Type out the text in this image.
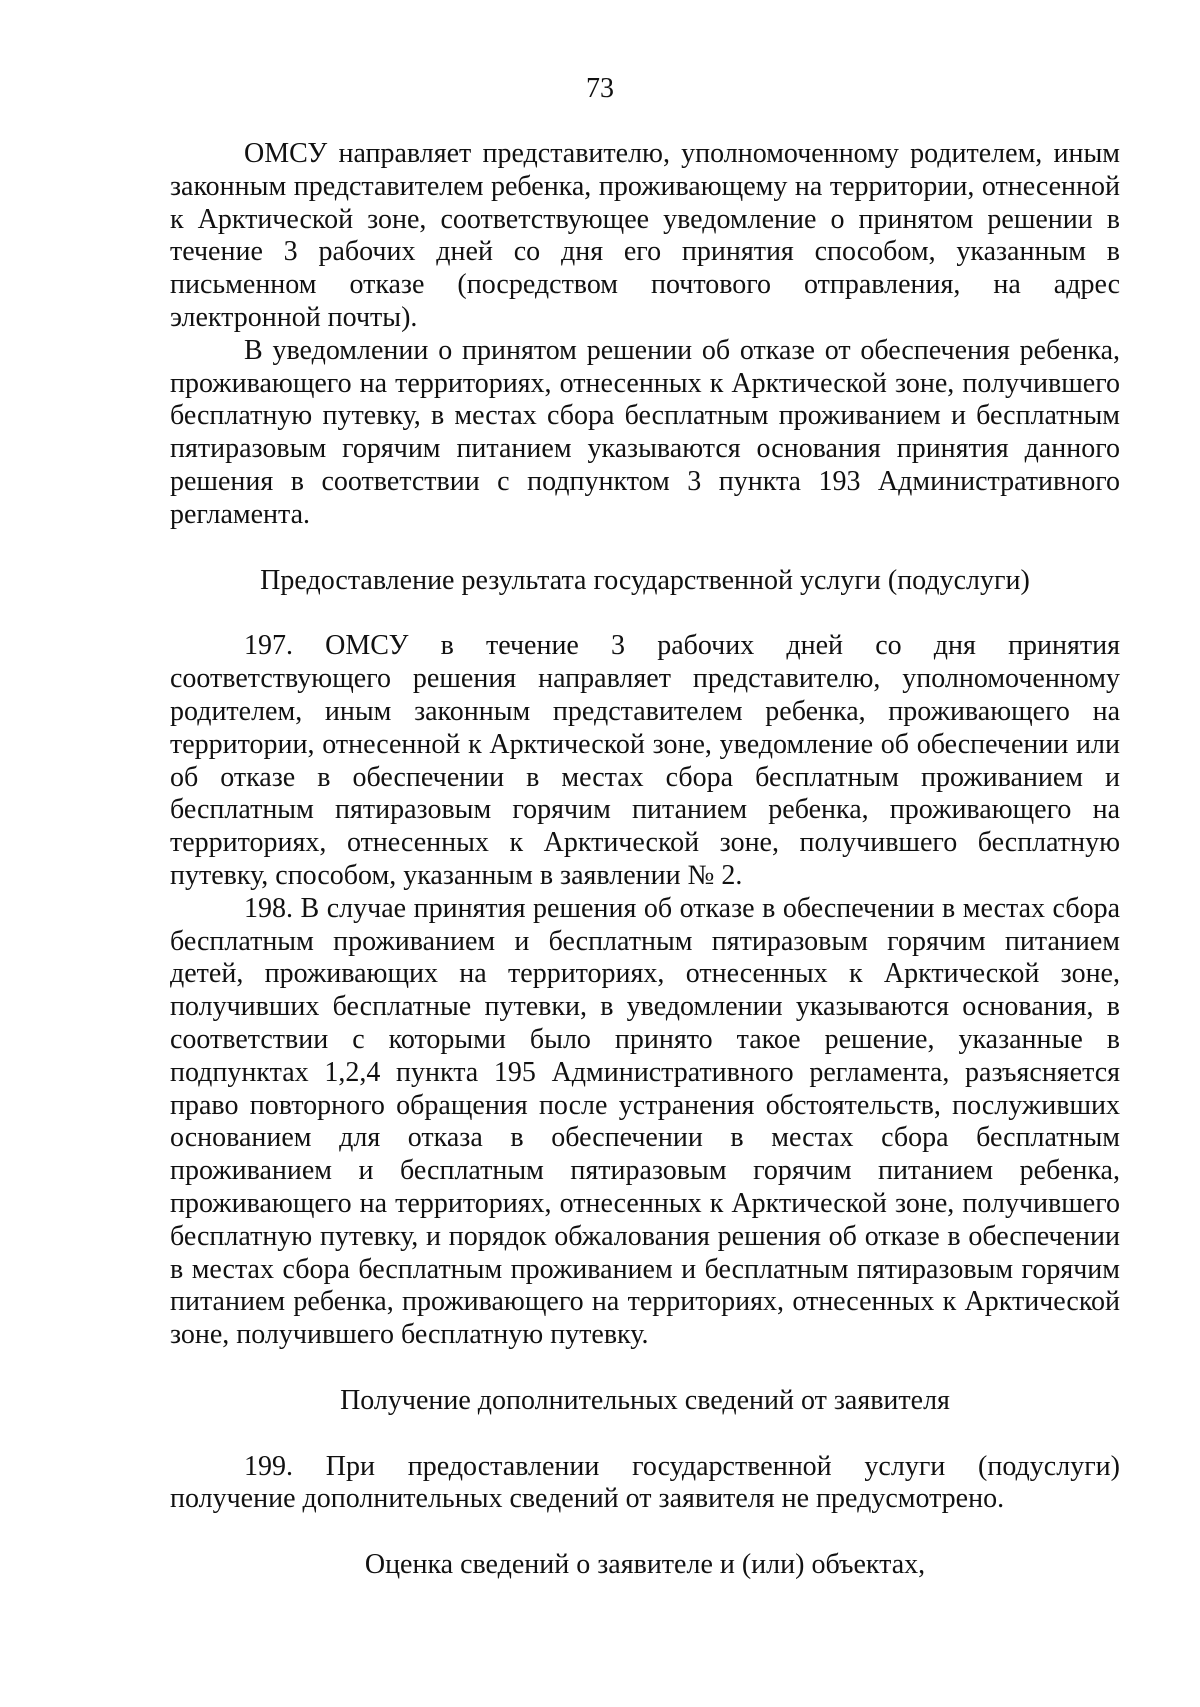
73

ОМСУ направляет представителю, уполномоченному родителем, иным законным представителем ребенка, проживающему на территории, отнесенной к Арктической зоне, соответствующее уведомление о принятом решении в течение 3 рабочих дней со дня его принятия способом, указанным в письменном отказе (посредством почтового отправления, на адрес электронной почты).

В уведомлении о принятом решении об отказе от обеспечения ребенка, проживающего на территориях, отнесенных к Арктической зоне, получившего бесплатную путевку, в местах сбора бесплатным проживанием и бесплатным пятиразовым горячим питанием указываются основания принятия данного решения в соответствии с подпунктом 3 пункта 193 Административного регламента.

Предоставление результата государственной услуги (подуслуги)

197. ОМСУ в течение 3 рабочих дней со дня принятия соответствующего решения направляет представителю, уполномоченному родителем, иным законным представителем ребенка, проживающего на территории, отнесенной к Арктической зоне, уведомление об обеспечении или об отказе в обеспечении в местах сбора бесплатным проживанием и бесплатным пятиразовым горячим питанием ребенка, проживающего на территориях, отнесенных к Арктической зоне, получившего бесплатную путевку, способом, указанным в заявлении № 2.

198. В случае принятия решения об отказе в обеспечении в местах сбора бесплатным проживанием и бесплатным пятиразовым горячим питанием детей, проживающих на территориях, отнесенных к Арктической зоне, получивших бесплатные путевки, в уведомлении указываются основания, в соответствии с которыми было принято такое решение, указанные в подпунктах 1,2,4 пункта 195 Административного регламента, разъясняется право повторного обращения после устранения обстоятельств, послуживших основанием для отказа в обеспечении в местах сбора бесплатным проживанием и бесплатным пятиразовым горячим питанием ребенка, проживающего на территориях, отнесенных к Арктической зоне, получившего бесплатную путевку, и порядок обжалования решения об отказе в обеспечении в местах сбора бесплатным проживанием и бесплатным пятиразовым горячим питанием ребенка, проживающего на территориях, отнесенных к Арктической зоне, получившего бесплатную путевку.

Получение дополнительных сведений от заявителя

199. При предоставлении государственной услуги (подуслуги) получение дополнительных сведений от заявителя не предусмотрено.

Оценка сведений о заявителе и (или) объектах,
